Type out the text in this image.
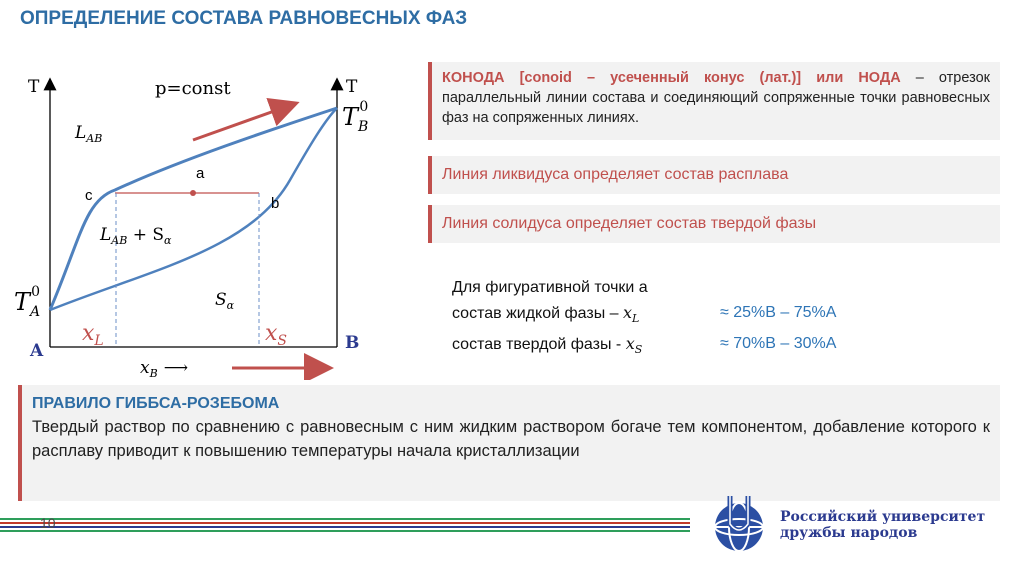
ОПРЕДЕЛЕНИЕ СОСТАВА РАВНОВЕСНЫХ ФАЗ
T	T
p=const
$T_B0$
$T_A0$
$L_{AB}$
$L_{AB} + S_\alpha$
$S_\alpha$
a
b
c
$x_L$	$x_S$
A	B
$x_B$ ⟶
КОНОДА [conoid – усеченный конус (лат.)] или НОДА – отрезок параллельный линии состава и соединяющий сопряженные точки равновесных фаз на сопряженных линиях.
Линия ликвидуса определяет состав расплава
Линия солидуса определяет состав твердой фазы
Для фигуративной точки а
состав жидкой фазы – $x_L$	≈ 25%B – 75%A
состав твердой фазы - $x_S$	≈ 70%B – 30%A
ПРАВИЛО ГИББСА-РОЗЕБОМА
Твердый раствор по сравнению с равновесным с ним жидким раствором богаче тем компонентом, добавление которого к расплаву приводит к повышению температуры начала кристаллизации
10	Российский университет
дружбы народов
